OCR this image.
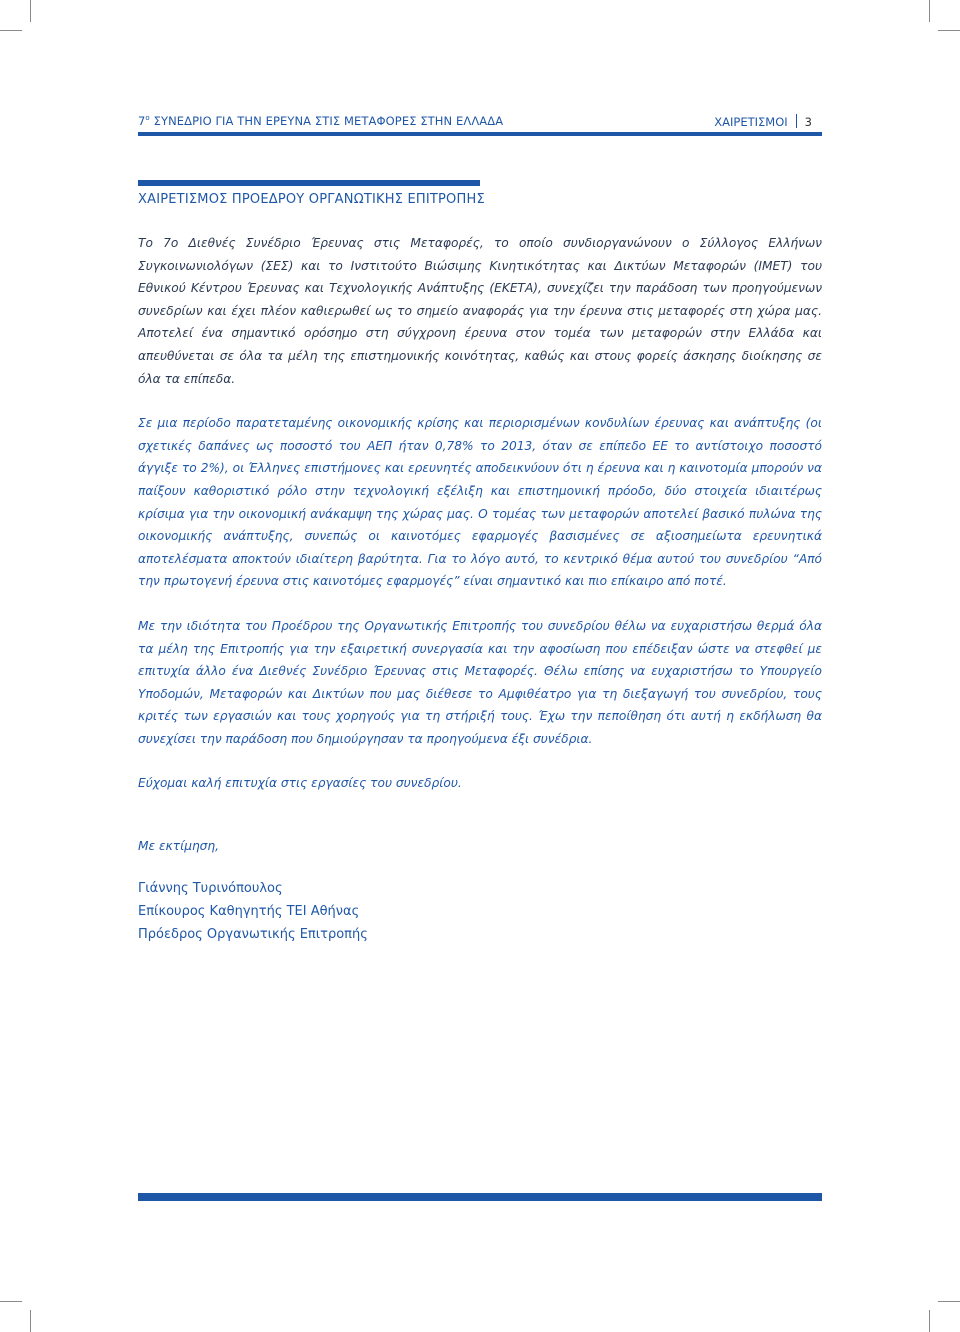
$7^o$ ΣΥΝΕΔΡΙΟ ΓΙΑ ΤΗΝ ΕΡΕΥΝΑ ΣΤΙΣ ΜΕΤΑΦΟΡΕΣ ΣΤΗΝ ΕΛΛΑΔΑ	ΧΑΙΡΕΤΙΣΜΟΙ 3
ΧΑΙΡΕΤΙΣΜΟΣ ΠΡΟΕΔΡΟΥ ΟΡΓΑΝΩΤΙΚΗΣ ΕΠΙΤΡΟΠΗΣ

Το 7ο Διεθνές Συνέδριο Έρευνας στις Μεταφορές, το οποίο συνδιοργανώνουν ο Σύλλογος Ελλήνων Συγκοινωνιολόγων (ΣΕΣ) και το Ινστιτούτο Βιώσιμης Κινητικότητας και Δικτύων Μεταφορών (ΙΜΕΤ) του Εθνικού Κέντρου Έρευνας και Τεχνολογικής Ανάπτυξης (ΕΚΕΤΑ), συνεχίζει την παράδοση των προηγούμενων συνεδρίων και έχει πλέον καθιερωθεί ως το σημείο αναφοράς για την έρευνα στις μεταφορές στη χώρα μας. Αποτελεί ένα σημαντικό ορόσημο στη σύγχρονη έρευνα στον τομέα των μεταφορών στην Ελλάδα και απευθύνεται σε όλα τα μέλη της επιστημονικής κοινότητας, καθώς και στους φορείς άσκησης διοίκησης σε όλα τα επίπεδα.

Σε μια περίοδο παρατεταμένης οικονομικής κρίσης και περιορισμένων κονδυλίων έρευνας και ανάπτυξης (οι σχετικές δαπάνες ως ποσοστό του ΑΕΠ ήταν 0,78% το 2013, όταν σε επίπεδο ΕΕ το αντίστοιχο ποσοστό άγγιξε το 2%), οι Έλληνες επιστήμονες και ερευνητές αποδεικνύουν ότι η έρευνα και η καινοτομία μπορούν να παίξουν καθοριστικό ρόλο στην τεχνολογική εξέλιξη και επιστημονική πρόοδο, δύο στοιχεία ιδιαιτέρως κρίσιμα για την οικονομική ανάκαμψη της χώρας μας. Ο τομέας των μεταφορών αποτελεί βασικό πυλώνα της οικονομικής ανάπτυξης, συνεπώς οι καινοτόμες εφαρμογές βασισμένες σε αξιοσημείωτα ερευνητικά αποτελέσματα αποκτούν ιδιαίτερη βαρύτητα. Για το λόγο αυτό, το κεντρικό θέμα αυτού του συνεδρίου “Από την πρωτογενή έρευνα στις καινοτόμες εφαρμογές” είναι σημαντικό και πιο επίκαιρο από ποτέ.

Με την ιδιότητα του Προέδρου της Οργανωτικής Επιτροπής του συνεδρίου θέλω να ευχαριστήσω θερμά όλα τα μέλη της Επιτροπής για την εξαιρετική συνεργασία και την αφοσίωση που επέδειξαν ώστε να στεφθεί με επιτυχία άλλο ένα Διεθνές Συνέδριο Έρευνας στις Μεταφορές. Θέλω επίσης να ευχαριστήσω το Υπουργείο Υποδομών, Μεταφορών και Δικτύων που μας διέθεσε το Αμφιθέατρο για τη διεξαγωγή του συνεδρίου, τους κριτές των εργασιών και τους χορηγούς για τη στήριξή τους. Έχω την πεποίθηση ότι αυτή η εκδήλωση θα συνεχίσει την παράδοση που δημιούργησαν τα προηγούμενα έξι συνέδρια.

Εύχομαι καλή επιτυχία στις εργασίες του συνεδρίου.

Με εκτίμηση,
Γιάννης Τυρινόπουλος
Επίκουρος Καθηγητής ΤΕΙ Αθήνας
Πρόεδρος Οργανωτικής Επιτροπής
